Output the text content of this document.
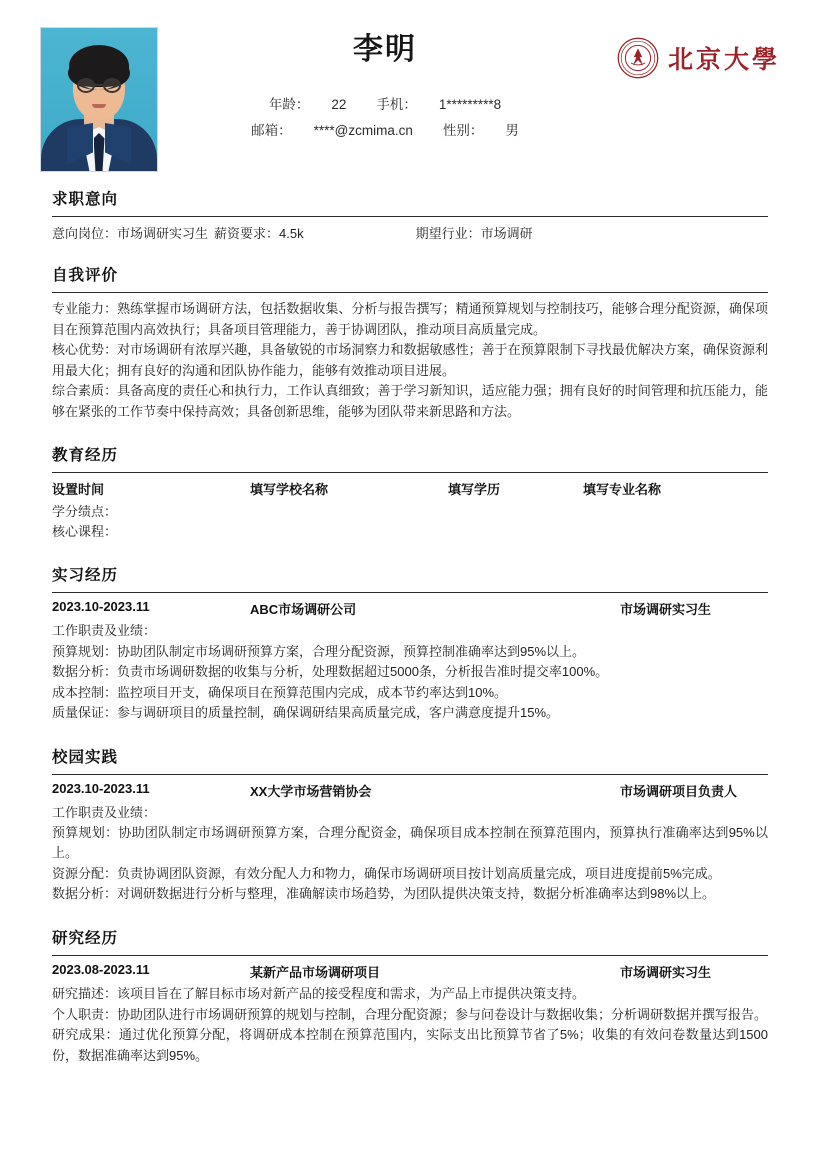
李明
年龄： 22 手机： 1*********8
邮箱： ****@zcmima.cn 性别： 男
北京大學
求职意向
意向岗位：市场调研实习生 薪资要求：4.5k	期望行业：市场调研
自我评价
专业能力：熟练掌握市场调研方法，包括数据收集、分析与报告撰写；精通预算规划与控制技巧，能够合理分配资源，确保项目在预算范围内高效执行；具备项目管理能力，善于协调团队，推动项目高质量完成。
核心优势：对市场调研有浓厚兴趣，具备敏锐的市场洞察力和数据敏感性；善于在预算限制下寻找最优解决方案，确保资源利用最大化；拥有良好的沟通和团队协作能力，能够有效推动项目进展。
综合素质：具备高度的责任心和执行力，工作认真细致；善于学习新知识，适应能力强；拥有良好的时间管理和抗压能力，能够在紧张的工作节奏中保持高效；具备创新思维，能够为团队带来新思路和方法。
教育经历
设置时间	填写学校名称	填写学历	填写专业名称
学分绩点：
核心课程：
实习经历
2023.10-2023.11	ABC市场调研公司	市场调研实习生
工作职责及业绩：
预算规划：协助团队制定市场调研预算方案，合理分配资源，预算控制准确率达到95%以上。
数据分析：负责市场调研数据的收集与分析，处理数据超过5000条，分析报告准时提交率100%。
成本控制：监控项目开支，确保项目在预算范围内完成，成本节约率达到10%。
质量保证：参与调研项目的质量控制，确保调研结果高质量完成，客户满意度提升15%。
校园实践
2023.10-2023.11	XX大学市场营销协会	市场调研项目负责人
工作职责及业绩：
预算规划：协助团队制定市场调研预算方案，合理分配资金，确保项目成本控制在预算范围内，预算执行准确率达到95%以上。
资源分配：负责协调团队资源，有效分配人力和物力，确保市场调研项目按计划高质量完成，项目进度提前5%完成。
数据分析：对调研数据进行分析与整理，准确解读市场趋势，为团队提供决策支持，数据分析准确率达到98%以上。
研究经历
2023.08-2023.11	某新产品市场调研项目	市场调研实习生
研究描述：该项目旨在了解目标市场对新产品的接受程度和需求，为产品上市提供决策支持。
个人职责：协助团队进行市场调研预算的规划与控制，合理分配资源；参与问卷设计与数据收集；分析调研数据并撰写报告。
研究成果：通过优化预算分配，将调研成本控制在预算范围内，实际支出比预算节省了5%；收集的有效问卷数量达到1500份，数据准确率达到95%。
